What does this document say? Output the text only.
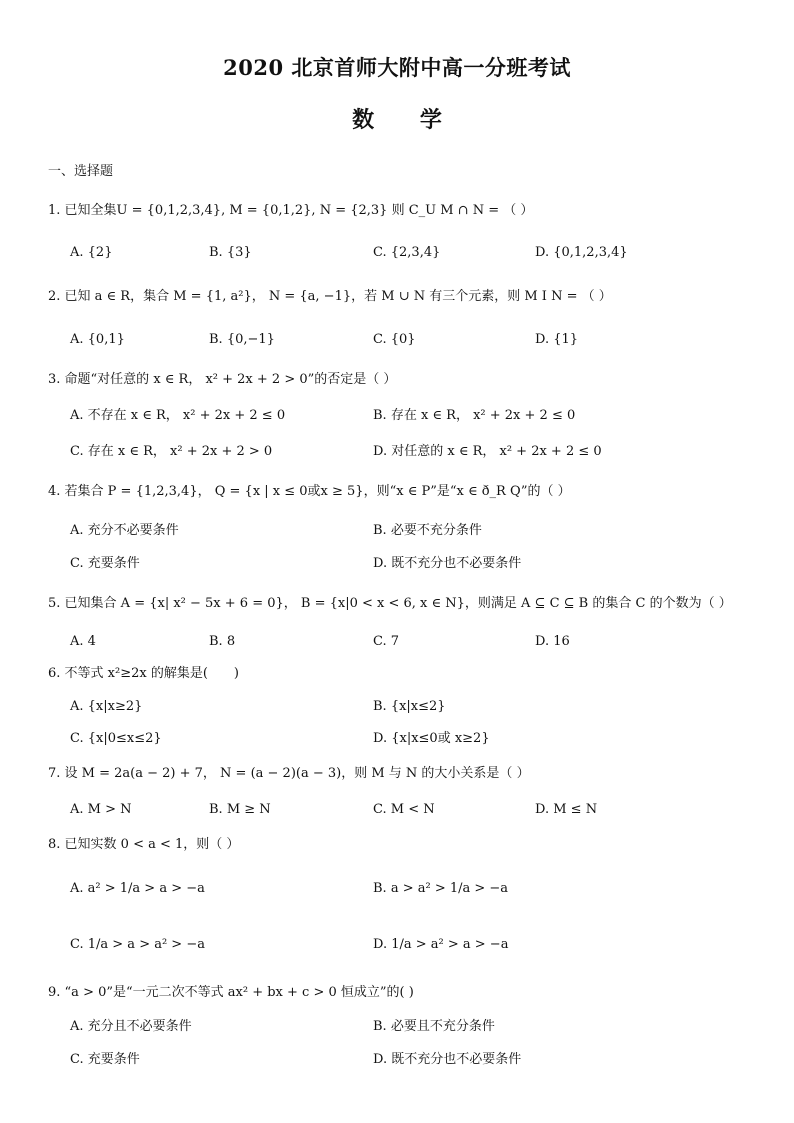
2020 北京首师大附中高一分班考试
数 学
一、选择题
1. 已知全集U = {0,1,2,3,4}, M = {0,1,2}, N = {2,3} 则 C_U M ∩ N = （ ）
A. {2}	B. {3}	C. {2,3,4}	D. {0,1,2,3,4}
2. 已知 a ∈ R，集合 M = {1, a²}， N = {a, −1}，若 M ∪ N 有三个元素，则 M I N = （ ）
A. {0,1}	B. {0,−1}	C. {0}	D. {1}
3. 命题“对任意的 x ∈ R， x² + 2x + 2 > 0”的否定是（ ）
A. 不存在 x ∈ R， x² + 2x + 2 ≤ 0	B. 存在 x ∈ R， x² + 2x + 2 ≤ 0
C. 存在 x ∈ R， x² + 2x + 2 > 0	D. 对任意的 x ∈ R， x² + 2x + 2 ≤ 0
4. 若集合 P = {1,2,3,4}， Q = {x | x ≤ 0或x ≥ 5}，则“x ∈ P”是“x ∈ ð_R Q”的（ ）
A. 充分不必要条件	B. 必要不充分条件
C. 充要条件	D. 既不充分也不必要条件
5. 已知集合 A = {x| x² − 5x + 6 = 0}， B = {x|0 < x < 6, x ∈ N}，则满足 A ⊆ C ⊆ B 的集合 C 的个数为（ ）
A. 4	B. 8	C. 7	D. 16
6. 不等式 x²≥2x 的解集是(　　)
A. {x|x≥2}	B. {x|x≤2}
C. {x|0≤x≤2}	D. {x|x≤0或 x≥2}
7. 设 M = 2a(a − 2) + 7， N = (a − 2)(a − 3)，则 M 与 N 的大小关系是（ ）
A. M > N	B. M ≥ N	C. M < N	D. M ≤ N
8. 已知实数 0 < a < 1，则（ ）
A. a² > 1/a > a > −a	B. a > a² > 1/a > −a
C. 1/a > a > a² > −a	D. 1/a > a² > a > −a
9. “a > 0”是“一元二次不等式 ax² + bx + c > 0 恒成立”的( )
A. 充分且不必要条件	B. 必要且不充分条件
C. 充要条件	D. 既不充分也不必要条件
